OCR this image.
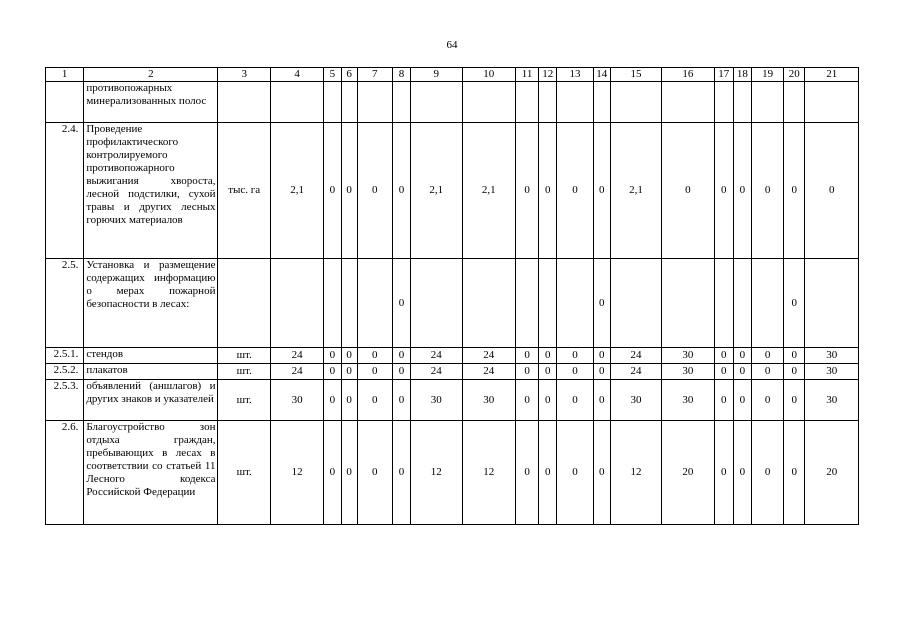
64
1	2	3	4	5	6	7	8	9	10	11	12	13	14	15	16	17	18	19	20	21
	противопожарных минерализованных полос																			
2.4.	Проведение профилактического контролируемого противопожарного выжигания хвороста, лесной подстилки, сухой травы и других лесных горючих материалов	тыс. га	2,1	0	0	0	0	2,1	2,1	0	0	0	0	2,1	0	0	0	0	0	0
2.5.	Установка и размещение содержащих информацию о мерах пожарной безопасности в лесах:						0						0						0	
2.5.1.	стендов	шт.	24	0	0	0	0	24	24	0	0	0	0	24	30	0	0	0	0	30
2.5.2.	плакатов	шт.	24	0	0	0	0	24	24	0	0	0	0	24	30	0	0	0	0	30
2.5.3.	объявлений (аншлагов) и других знаков и указателей	шт.	30	0	0	0	0	30	30	0	0	0	0	30	30	0	0	0	0	30
2.6.	Благоустройство зон отдыха граждан, пребывающих в лесах в соответствии со статьей 11 Лесного кодекса Российской Федерации	шт.	12	0	0	0	0	12	12	0	0	0	0	12	20	0	0	0	0	20
